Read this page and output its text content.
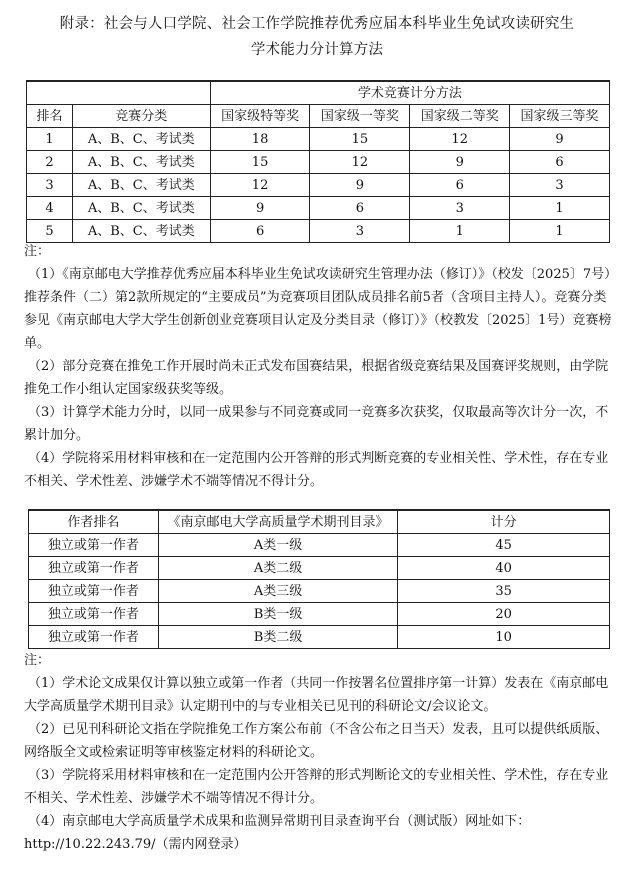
附录：社会与人口学院、社会工作学院推荐优秀应届本科毕业生免试攻读研究生
学术能力分计算方法
		学术竞赛计分方法			
排名	竞赛分类	国家级特等奖	国家级一等奖	国家级二等奖	国家级三等奖
1	A、B、C、考试类	18	15	12	9
2	A、B、C、考试类	15	12	9	6
3	A、B、C、考试类	12	9	6	3
4	A、B、C、考试类	9	6	3	1
5	A、B、C、考试类	6	3	1	1

注：

（1）《南京邮电大学推荐优秀应届本科毕业生免试攻读研究生管理办法（修订）》（校发〔2025〕7号）推荐条件（二）第2款所规定的“主要成员”为竞赛项目团队成员排名前5者（含项目主持人）。竞赛分类参见《南京邮电大学大学生创新创业竞赛项目认定及分类目录（修订）》（校教发〔2025〕1号）竞赛榜单。

（2）部分竞赛在推免工作开展时尚未正式发布国赛结果，根据省级竞赛结果及国赛评奖规则，由学院推免工作小组认定国家级获奖等级。

（3）计算学术能力分时，以同一成果参与不同竞赛或同一竞赛多次获奖，仅取最高等次计分一次，不累计加分。

（4）学院将采用材料审核和在一定范围内公开答辩的形式判断竞赛的专业相关性、学术性，存在专业不相关、学术性差、涉嫌学术不端等情况不得计分。

作者排名	《南京邮电大学高质量学术期刊目录》	计分
独立或第一作者	A类一级	45
独立或第一作者	A类二级	40
独立或第一作者	A类三级	35
独立或第一作者	B类一级	20
独立或第一作者	B类二级	10

注：

（1）学术论文成果仅计算以独立或第一作者（共同一作按署名位置排序第一计算）发表在《南京邮电大学高质量学术期刊目录》认定期刊中的与专业相关已见刊的科研论文/会议论文。

（2）已见刊科研论文指在学院推免工作方案公布前（不含公布之日当天）发表，且可以提供纸质版、网络版全文或检索证明等审核鉴定材料的科研论文。

（3）学院将采用材料审核和在一定范围内公开答辩的形式判断论文的专业相关性、学术性，存在专业不相关、学术性差、涉嫌学术不端等情况不得计分。

（4）南京邮电大学高质量学术成果和监测异常期刊目录查询平台（测试版）网址如下：

http://10.22.243.79/（需内网登录）
